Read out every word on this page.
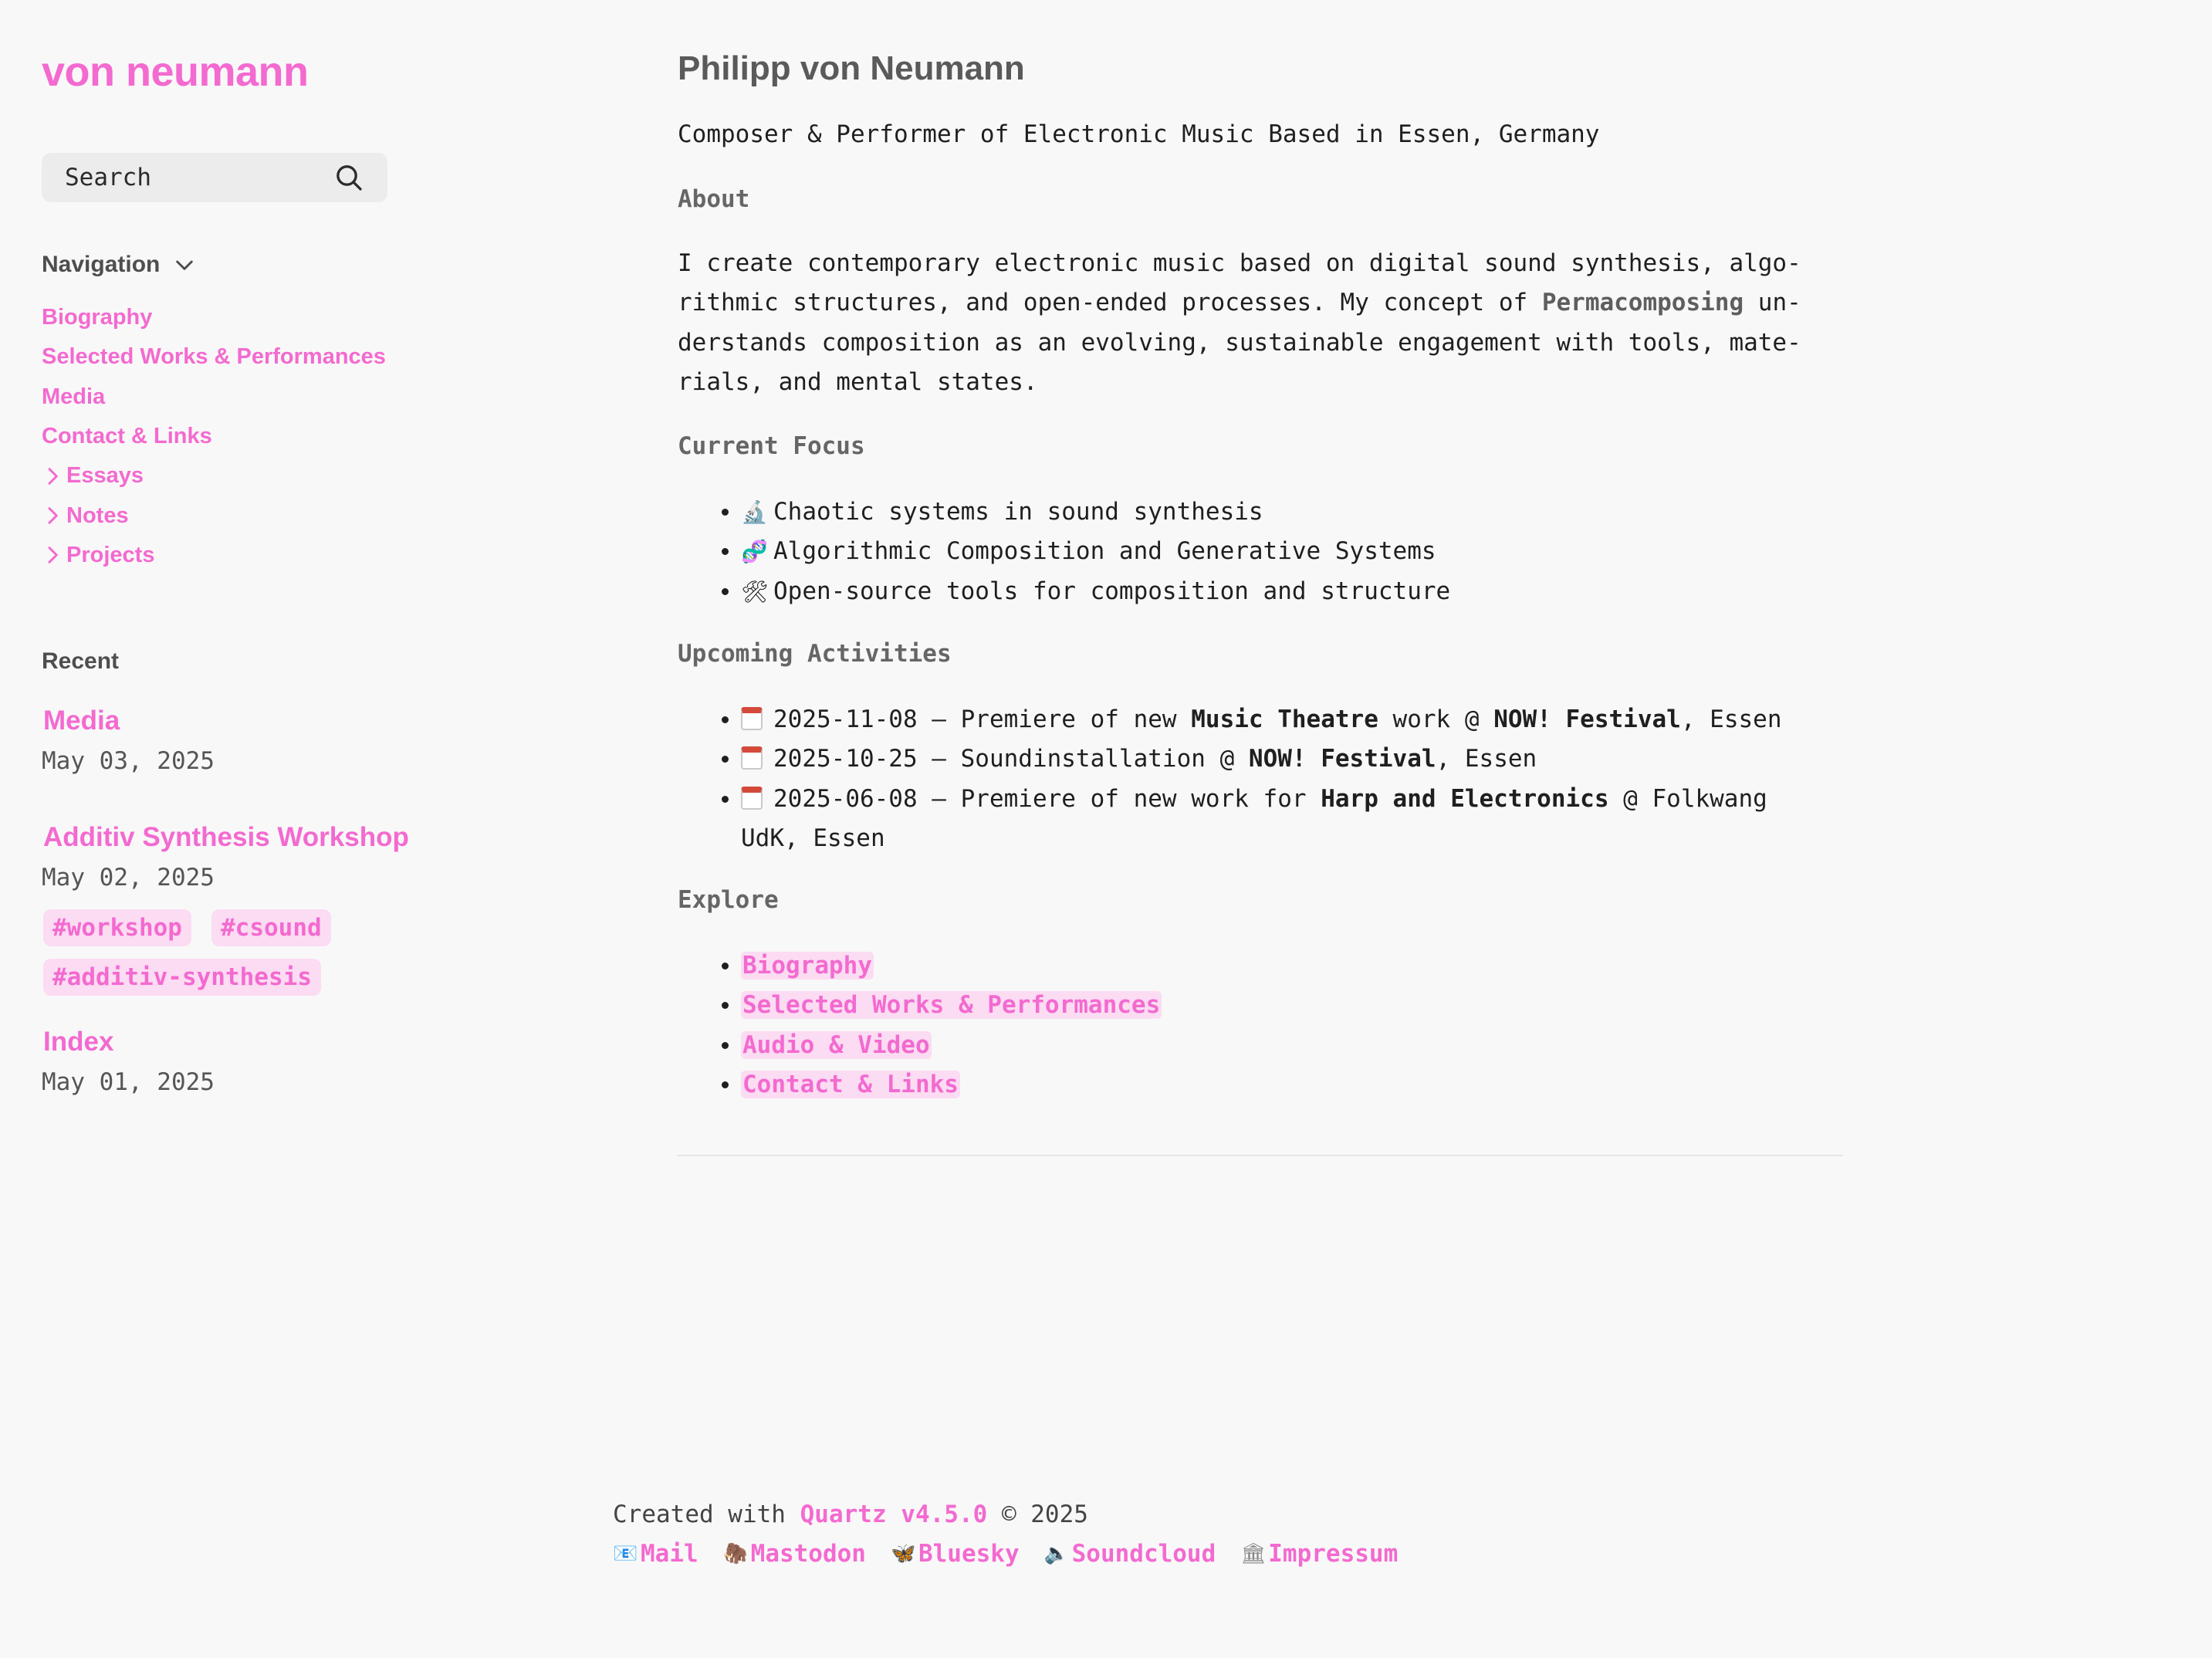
von neumann
Search
Navigation
Biography
Selected Works & Performances
Media
Contact & Links
Essays
Notes
Projects
Recent
Media
May 03, 2025
Additiv Synthesis Workshop
May 02, 2025
#workshop	#csound
#additiv-synthesis
Index
May 01, 2025
Philipp von Neumann
Composer & Performer of Electronic Music Based in Essen, Germany
About

I create contemporary electronic music based on digital sound synthesis, algo-
rithmic structures, and open-ended processes. My concept of Permacomposing un-
derstands composition as an evolving, sustainable engagement with tools, mate-
rials, and mental states.

Current Focus
• 🔬 Chaotic systems in sound synthesis
• 🧬 Algorithmic Composition and Generative Systems
• 🛠 Open-source tools for composition and structure
Upcoming Activities
• 2025-11-08 – Premiere of new Music Theatre work @ NOW! Festival, Essen
• 2025-10-25 – Soundinstallation @ NOW! Festival, Essen
• 2025-06-08 – Premiere of new work for Harp and Electronics @ Folkwang
UdK, Essen
Explore
• Biography
• Selected Works & Performances
• Audio & Video
• Contact & Links
Created with Quartz v4.5.0 © 2025
📧 Mail 🦣 Mastodon 🦋 Bluesky 🔈 Soundcloud 🏛 Impressum
